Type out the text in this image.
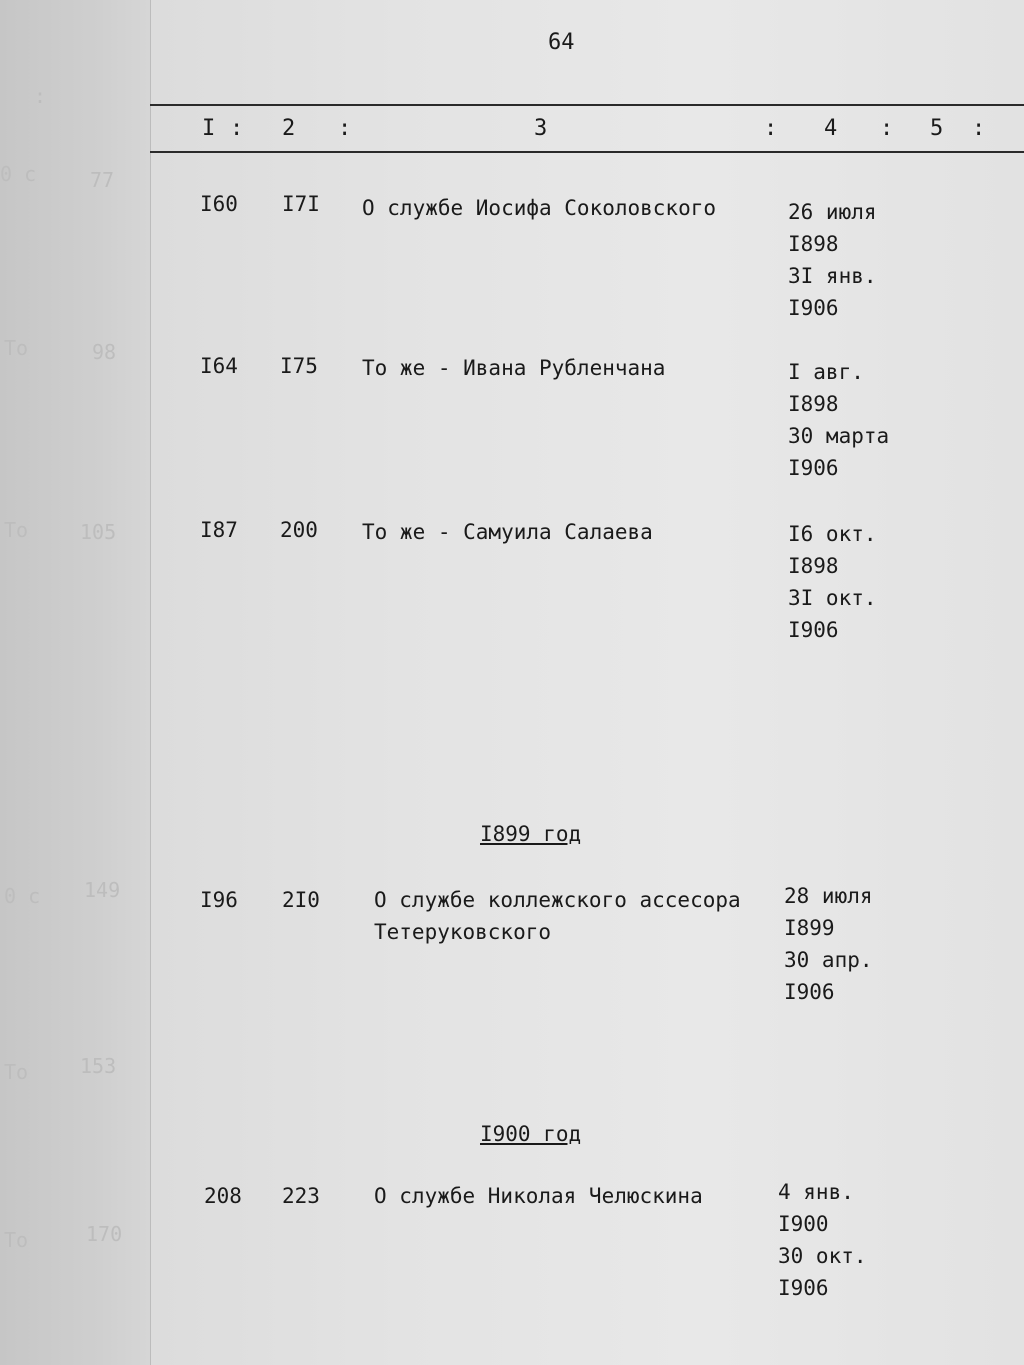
:
77
0 с
98
То
105
То
149
0 с
153
То
170
То
64
I : 2 :	3	: 4 : 5 :
I60 I7I О службе Иосифа Соколовского	26 июля
I898
3I янв.
I906
I64 I75 То же - Ивана Рубленчана	I авг.
I898
30 марта
I906
I87 200 То же - Самуила Салаева	I6 окт.
I898
3I окт.
I906
I899 год
I96 2I0	О службе коллежского ассесора
Тетеруковского
28 июля
I899
30 апр.
I906
I900 год
208 223	О службе Николая Челюскина	4 янв.
I900
30 окт.
I906
